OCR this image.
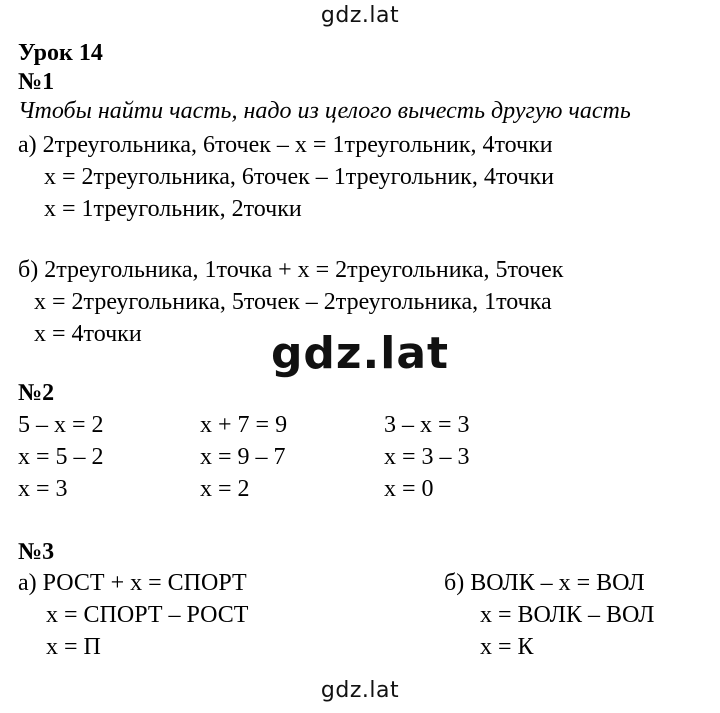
gdz.lat
Урок 14
№1
Чтобы найти часть, надо из целого вычесть другую часть
а) 2треугольника, 6точек – х = 1треугольник, 4точки
х = 2треугольника, 6точек – 1треугольник, 4точки
х = 1треугольник, 2точки
б) 2треугольника, 1точка + х = 2треугольника, 5точек
х = 2треугольника, 5точек – 2треугольника, 1точка
х = 4точки	gdz.lat
№2
5 – х = 2
х = 5 – 2
х = 3
х + 7 = 9
х = 9 – 7
х = 2
3 – х = 3
х = 3 – 3
х = 0
№3
а) РОСТ + х = СПОРТ
х = СПОРТ – РОСТ
х = П
б) ВОЛК – х = ВОЛ
х = ВОЛК – ВОЛ
х = К
gdz.lat
